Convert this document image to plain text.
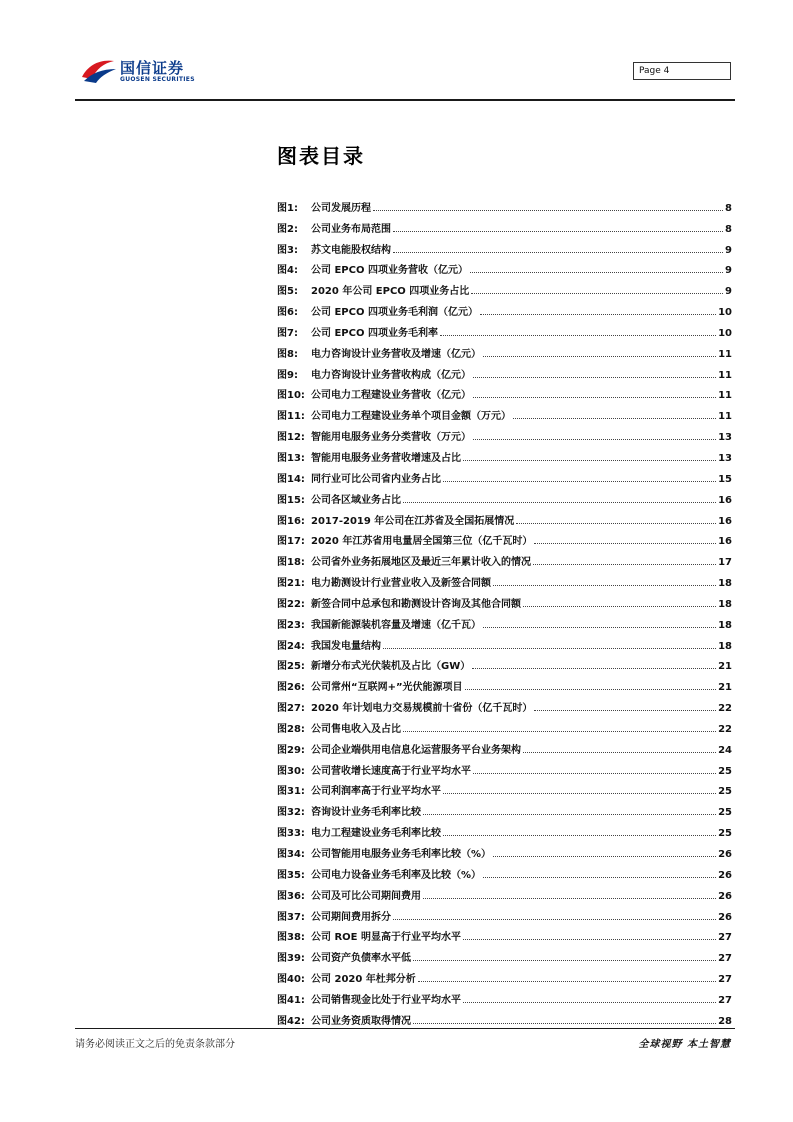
国信证券
GUOSEN SECURITIES
Page 4
图表目录
图1:	公司发展历程	8
图2:	公司业务布局范围	8
图3:	苏文电能股权结构	9
图4:	公司 EPCO 四项业务营收（亿元）	9
图5:	2020 年公司 EPCO 四项业务占比	9
图6:	公司 EPCO 四项业务毛利润（亿元）	10
图7:	公司 EPCO 四项业务毛利率	10
图8:	电力咨询设计业务营收及增速（亿元）	11
图9:	电力咨询设计业务营收构成（亿元）	11
图10: 公司电力工程建设业务营收（亿元）	11
图11: 公司电力工程建设业务单个项目金额（万元）	11
图12: 智能用电服务业务分类营收（万元）	13
图13: 智能用电服务业务营收增速及占比	13
图14: 同行业可比公司省内业务占比	15
图15: 公司各区域业务占比	16
图16: 2017-2019 年公司在江苏省及全国拓展情况	16
图17: 2020 年江苏省用电量居全国第三位（亿千瓦时）	16
图18: 公司省外业务拓展地区及最近三年累计收入的情况	17
图21: 电力勘测设计行业营业收入及新签合同额	18
图22: 新签合同中总承包和勘测设计咨询及其他合同额	18
图23: 我国新能源装机容量及增速（亿千瓦）	18
图24: 我国发电量结构	18
图25: 新增分布式光伏装机及占比（GW）	21
图26: 公司常州“互联网+”光伏能源项目	21
图27: 2020 年计划电力交易规模前十省份（亿千瓦时）	22
图28: 公司售电收入及占比	22
图29: 公司企业端供用电信息化运营服务平台业务架构	24
图30: 公司营收增长速度高于行业平均水平	25
图31: 公司利润率高于行业平均水平	25
图32: 咨询设计业务毛利率比较	25
图33: 电力工程建设业务毛利率比较	25
图34: 公司智能用电服务业务毛利率比较（%）	26
图35: 公司电力设备业务毛利率及比较（%）	26
图36: 公司及可比公司期间费用	26
图37: 公司期间费用拆分	26
图38: 公司 ROE 明显高于行业平均水平	27
图39: 公司资产负债率水平低	27
图40: 公司 2020 年杜邦分析	27
图41: 公司销售现金比处于行业平均水平	27
图42: 公司业务资质取得情况	28
请务必阅读正文之后的免责条款部分	全球视野 本土智慧
